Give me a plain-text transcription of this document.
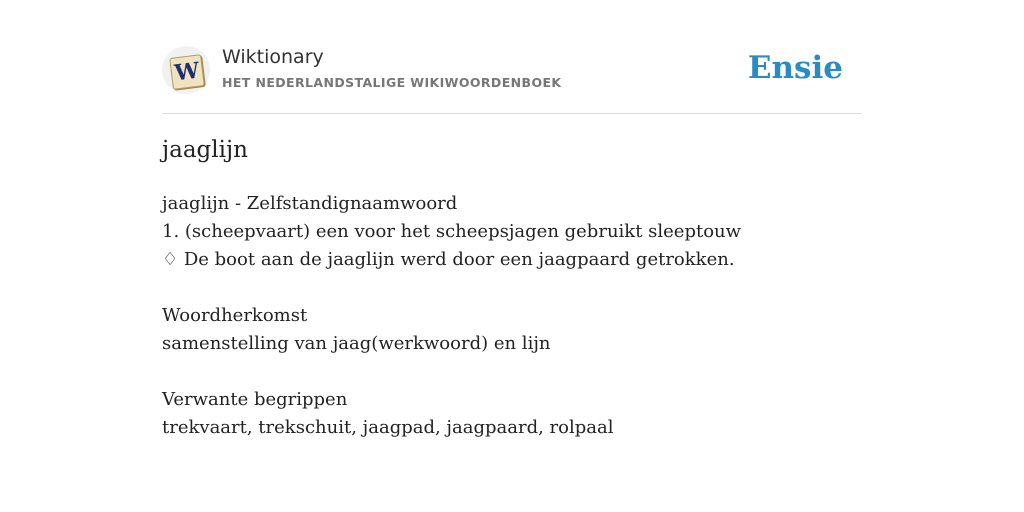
W
Wiktionary
HET NEDERLANDSTALIGE WIKIWOORDENBOEK	Ensie
jaaglijn
jaaglijn - Zelfstandignaamwoord
1. (scheepvaart) een voor het scheepsjagen gebruikt sleeptouw
♢ De boot aan de jaaglijn werd door een jaagpaard getrokken.
Woordherkomst
samenstelling van jaag(werkwoord) en lijn
Verwante begrippen
trekvaart, trekschuit, jaagpad, jaagpaard, rolpaal
